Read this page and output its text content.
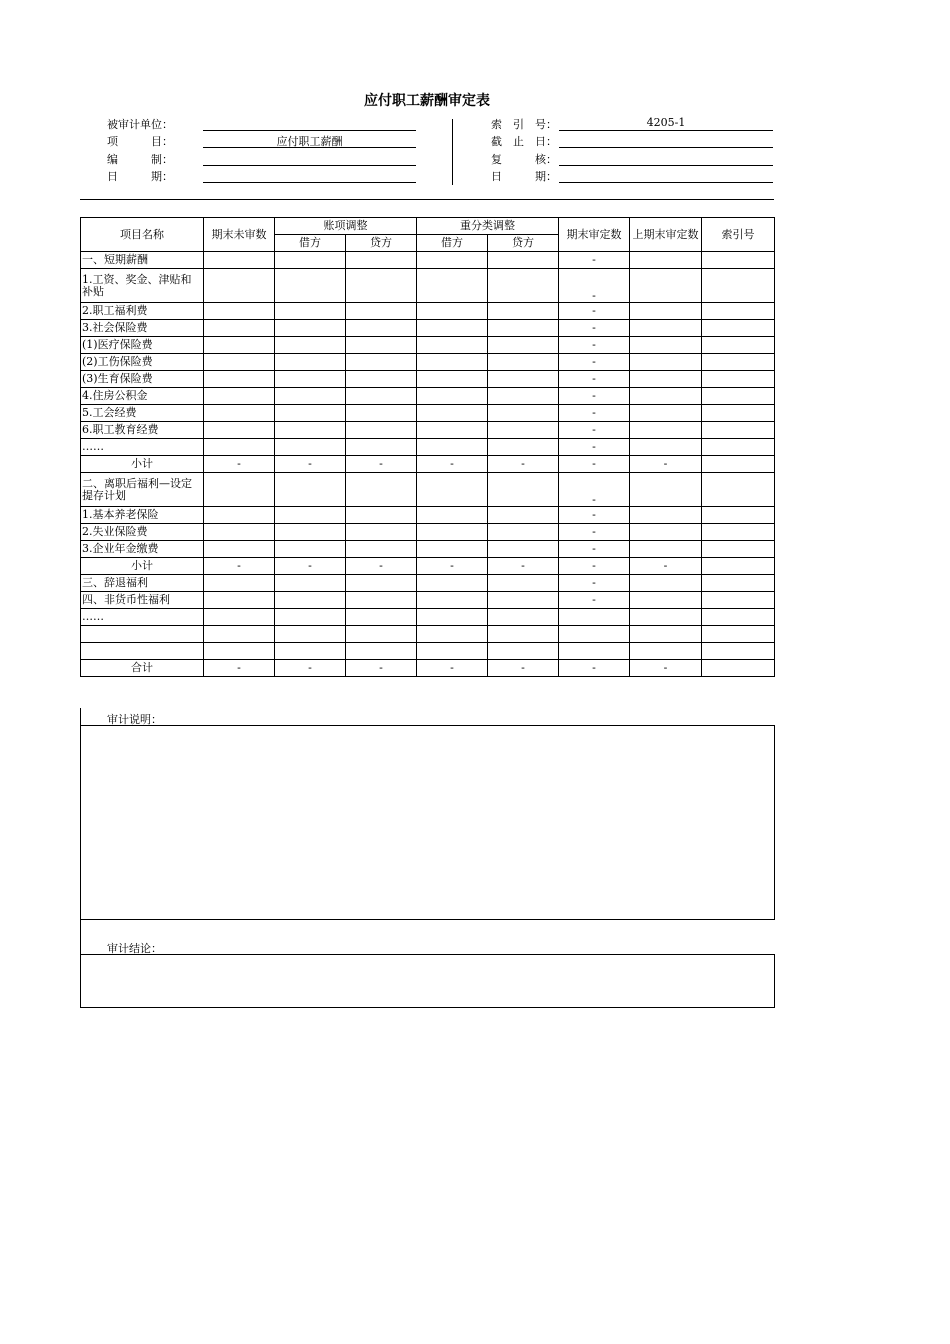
应付职工薪酬审定表
被审计单位：
项　　　目：	应付职工薪酬
编　　　制：
日　　　期：
索　引　号：	4205-1
截　止　日：
复　　　核：
日　　　期：
项目名称	期末未审数	账项调整		重分类调整		期末审定数	上期末审定数	索引号
		借方	贷方	借方	贷方			
一、短期薪酬						-		
1.工资、奖金、津贴和补贴						-		
2.职工福利费						-		
3.社会保险费						-		
(1)医疗保险费						-		
(2)工伤保险费						-		
(3)生育保险费						-		
4.住房公积金						-		
5.工会经费						-		
6.职工教育经费						-		
……						-		
小计	-	-	-	-	-	-	-	
二、离职后福利—设定提存计划						-		
1.基本养老保险						-		
2.失业保险费						-		
3.企业年金缴费						-		
小计	-	-	-	-	-	-	-	
三、辞退福利						-		
四、非货币性福利						-		
……								

合计	-	-	-	-	-	-	-	
审计说明：
审计结论：
